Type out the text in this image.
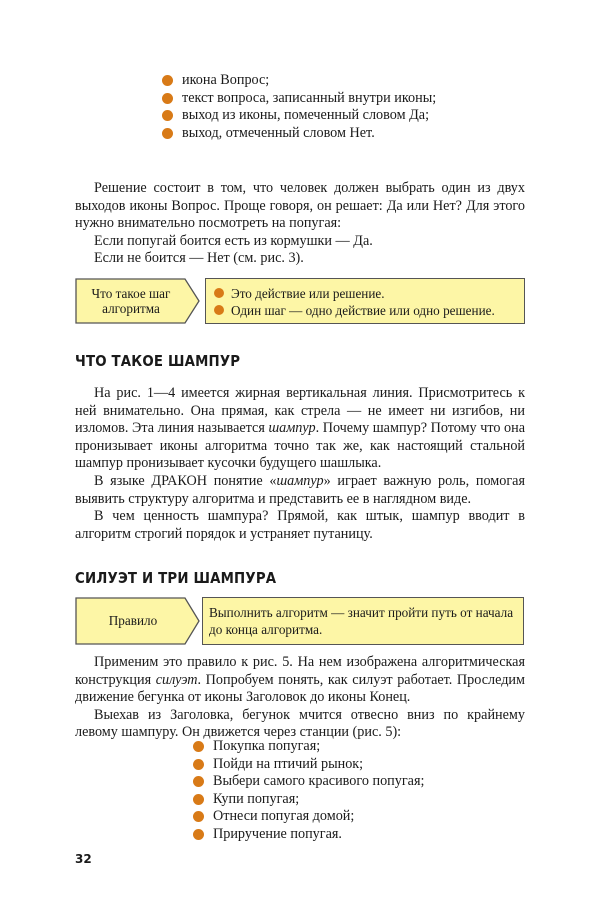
иконa Вопрос;
текст вопроса, записанный внутри иконы;
выход из иконы, помеченный словом Да;
выход, отмеченный словом Нет.

Решение состоит в том, что человек должен выбрать один из двух выходов иконы Вопрос. Проще говоря, он решает: Да или Нет? Для этого нужно внимательно посмотреть на попугая:

Если попугай боится есть из кормушки — Да.

Если не боится — Нет (см. рис. 3).

Что такое шаг алгоритма
Это действие или решение.
Один шаг — одно действие или одно решение.
ЧТО ТАКОЕ ШАМПУР

На рис. 1—4 имеется жирная вертикальная линия. Присмотритесь к ней внимательно. Она прямая, как стрела — не имеет ни изгибов, ни изломов. Эта линия называется шампур. Почему шампур? Потому что она пронизывает иконы алгоритма точно так же, как настоящий стальной шампур пронизывает кусочки будущего шашлыка.

В языке ДРАКОН понятие «шампур» играет важную роль, помогая выявить структуру алгоритма и представить ее в наглядном виде.

В чем ценность шампура? Прямой, как штык, шампур вводит в алгоритм строгий порядок и устраняет путаницу.

СИЛУЭТ И ТРИ ШАМПУРА
Правило
Выполнить алгоритм — значит пройти путь от начала до конца алгоритма.

Применим это правило к рис. 5. На нем изображена алгоритмическая конструкция силуэт. Попробуем понять, как силуэт работает. Проследим движение бегунка от иконы Заголовок до иконы Конец.

Выехав из Заголовка, бегунок мчится отвесно вниз по крайнему левому шампуру. Он движется через станции (рис. 5):

Покупка попугая;
Пойди на птичий рынок;
Выбери самого красивого попугая;
Купи попугая;
Отнеси попугая домой;
Приручение попугая.
32
